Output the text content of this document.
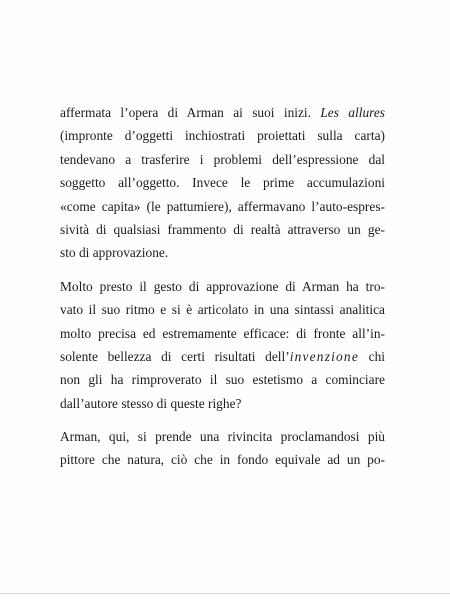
affermata l’opera di Arman ai suoi inizi. Les allures
(impronte d’oggetti inchiostrati proiettati sulla carta)
tendevano a trasferire i problemi dell’espressione dal
soggetto all’oggetto. Invece le prime accumulazioni
«come capita» (le pattumiere), affermavano l’auto-espres-
sività di qualsiasi frammento di realtà attraverso un ge-
sto di approvazione.
Molto presto il gesto di approvazione di Arman ha tro-
vato il suo ritmo e si è articolato in una sintassi analitica
molto precisa ed estremamente efficace: di fronte all’in-
solente bellezza di certi risultati dell’invenzione chi
non gli ha rimproverato il suo estetismo a cominciare
dall’autore stesso di queste righe?
Arman, qui, si prende una rivincita proclamandosi più
pittore che natura, ciò che in fondo equivale ad un po-
